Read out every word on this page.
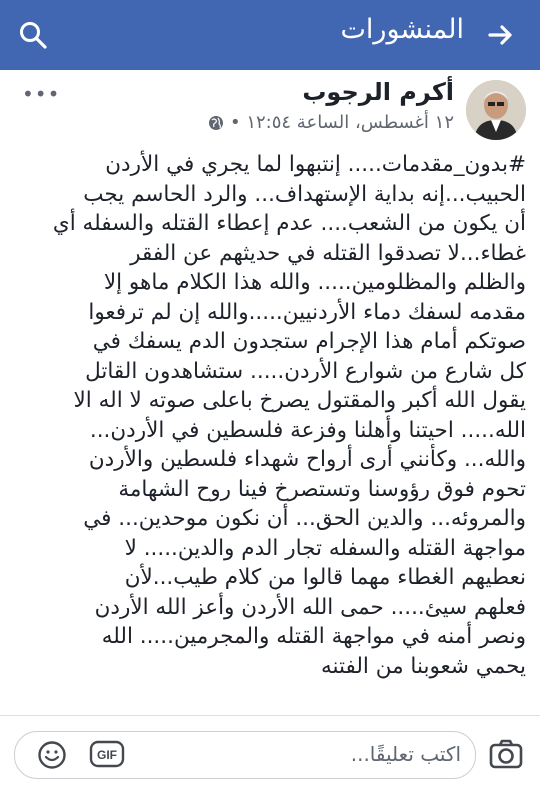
المنشورات
أكرم الرجوب
١٢ أغسطس، الساعة ١٢:٥٤ •
•••
#بدون_مقدمات..... إنتبهوا لما يجري في الأردن
الحبيب...إنه بداية الإستهداف... والرد الحاسم يجب
أن يكون من الشعب.... عدم إعطاء القتله والسفله أي
غطاء...لا تصدقوا القتله في حديثهم عن الفقر
والظلم والمظلومين..... والله هذا الكلام ماهو إلا
مقدمه لسفك دماء الأردنيين.....والله إن لم ترفعوا
صوتكم أمام هذا الإجرام ستجدون الدم يسفك في
كل شارع من شوارع الأردن..... ستشاهدون القاتل
يقول الله أكبر والمقتول يصرخ باعلى صوته لا اله الا
الله..... احيتنا وأهلنا وفزعة فلسطين في الأردن...
والله... وكأنني أرى أرواح شهداء فلسطين والأردن
تحوم فوق رؤوسنا وتستصرخ فينا روح الشهامة
والمروئه... والدين الحق... أن نكون موحدين... في
مواجهة القتله والسفله تجار الدم والدين..... لا
نعطيهم الغطاء مهما قالوا من كلام طيب...لأن
فعلهم سيئ..... حمى الله الأردن وأعز الله الأردن
ونصر أمنه في مواجهة القتله والمجرمين..... الله
يحمي شعوبنا من الفتنه
اكتب تعليقًا...
GIF
